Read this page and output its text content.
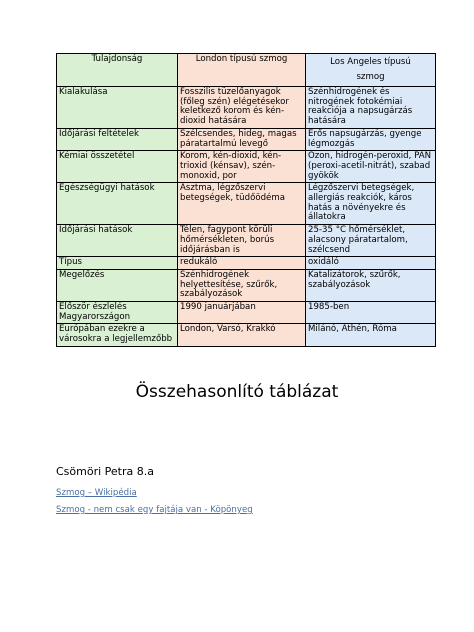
Tulajdonság	London típusú szmog	Los Angeles típusú
szmog

Kialakulása	Fosszilis tüzelőanyagok (főleg szén) elégetésekor keletkező korom és kén-dioxid hatására	Szénhidrogének és nitrogének fotokémiai reakciója a napsugárzás hatására
Időjárási feltételek	Szélcsendes, hideg, magas páratartalmú levegő	Erős napsugárzás, gyenge légmozgás
Kémiai összetétel	Korom, kén-dioxid, kén-trioxid (kénsav), szén-monoxid, por	Ózon, hidrogén-peroxid, PAN (peroxi-acetil-nitrát), szabad gyökök
Egészségügyi hatások	Asztma, légzőszervi betegségek, tüdőödéma	Légzőszervi betegségek, allergiás reakciók, káros hatás a növényekre és állatokra
Időjárási hatások	Télen, fagypont körüli hőmérsékleten, borús időjárásban is	25-35 °C hőmérséklet, alacsony páratartalom, szélcsend
Típus	redukáló	oxidáló
Megelőzés	Szénhidrogének helyettesítése, szűrők, szabályozások	Katalizátorok, szűrők, szabályozások
Először észlelés Magyarországon	1990 januárjában	1985-ben
Európában ezekre a városokra a legjellemzőbb	London, Varsó, Krakkó	Milánó, Athén, Róma
Összehasonlító táblázat
Csömöri Petra 8.a
Szmog – Wikipédia
Szmog - nem csak egy fajtája van - Köpönyeg
